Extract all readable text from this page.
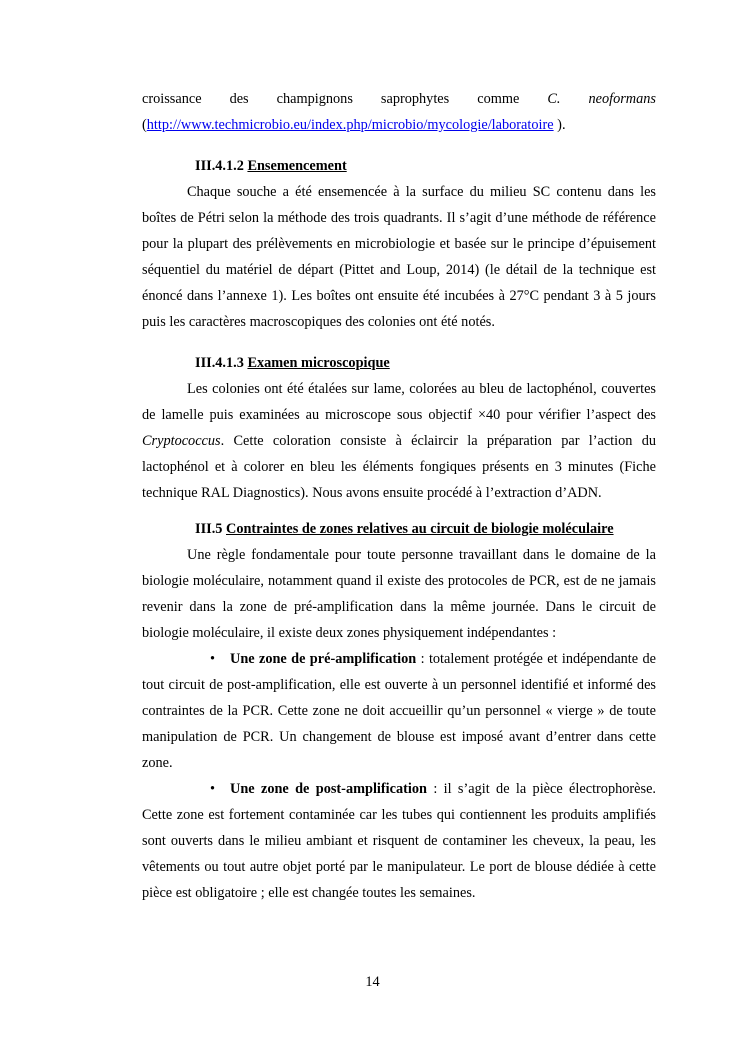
croissance des champignons saprophytes comme C. neoformans

(http://www.techmicrobio.eu/index.php/microbio/mycologie/laboratoire ).

III.4.1.2 Ensemencement

Chaque souche a été ensemencée à la surface du milieu SC contenu dans les boîtes de Pétri selon la méthode des trois quadrants. Il s’agit d’une méthode de référence pour la plupart des prélèvements en microbiologie et basée sur le principe d’épuisement séquentiel du matériel de départ (Pittet and Loup, 2014) (le détail de la technique est énoncé dans l’annexe 1). Les boîtes ont ensuite été incubées à 27°C pendant 3 à 5 jours puis les caractères macroscopiques des colonies ont été notés.

III.4.1.3 Examen microscopique

Les colonies ont été étalées sur lame, colorées au bleu de lactophénol, couvertes de lamelle puis examinées au microscope sous objectif ×40 pour vérifier l’aspect des Cryptococcus. Cette coloration consiste à éclaircir la préparation par l’action du lactophénol et à colorer en bleu les éléments fongiques présents en 3 minutes (Fiche technique RAL Diagnostics). Nous avons ensuite procédé à l’extraction d’ADN.

III.5 Contraintes de zones relatives au circuit de biologie moléculaire

Une règle fondamentale pour toute personne travaillant dans le domaine de la biologie moléculaire, notamment quand il existe des protocoles de PCR, est de ne jamais revenir dans la zone de pré-amplification dans la même journée. Dans le circuit de biologie moléculaire, il existe deux zones physiquement indépendantes :

• Une zone de pré-amplification : totalement protégée et indépendante de tout circuit de post-amplification, elle est ouverte à un personnel identifié et informé des contraintes de la PCR. Cette zone ne doit accueillir qu’un personnel « vierge » de toute manipulation de PCR. Un changement de blouse est imposé avant d’entrer dans cette zone.

• Une zone de post-amplification : il s’agit de la pièce électrophorèse. Cette zone est fortement contaminée car les tubes qui contiennent les produits amplifiés sont ouverts dans le milieu ambiant et risquent de contaminer les cheveux, la peau, les vêtements ou tout autre objet porté par le manipulateur. Le port de blouse dédiée à cette pièce est obligatoire ; elle est changée toutes les semaines.

14
